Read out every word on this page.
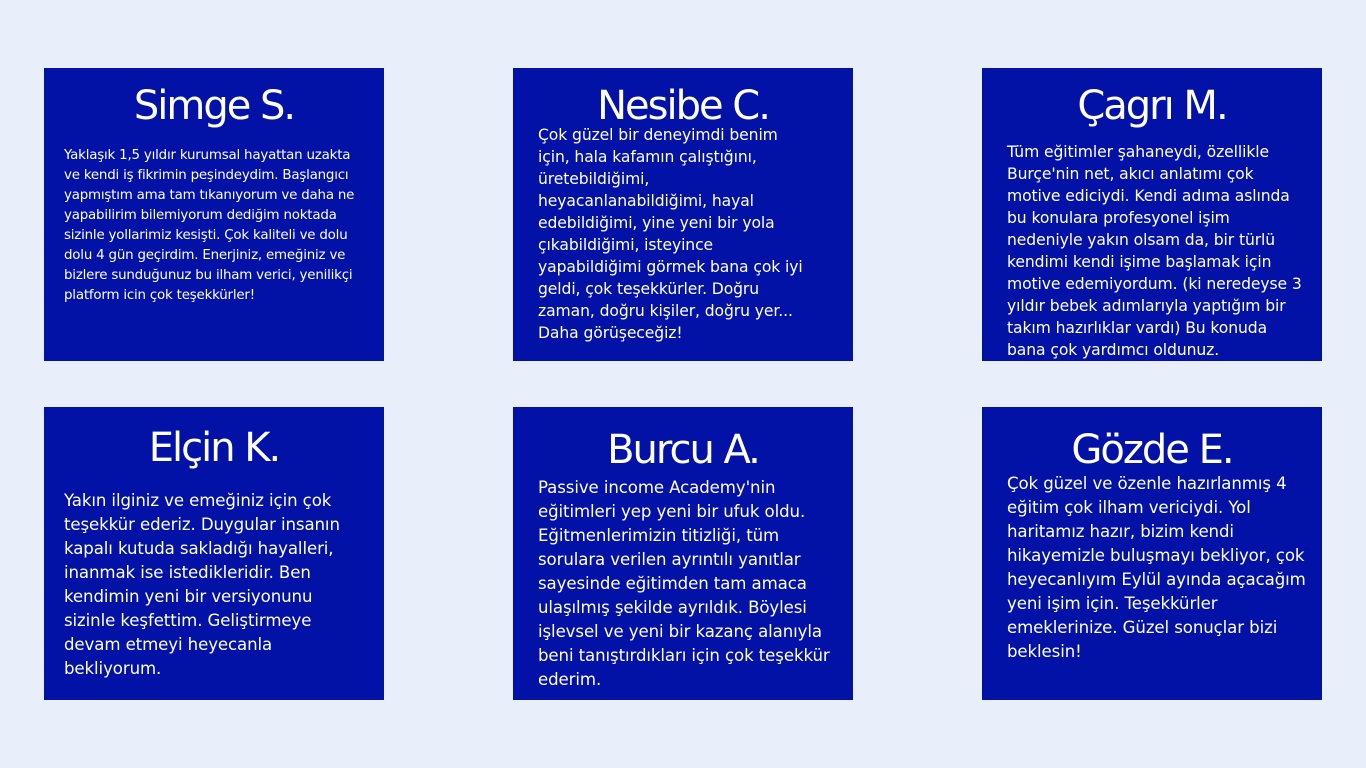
Simge S.

Yaklaşık 1,5 yıldır kurumsal hayattan uzakta ve kendi iş fikrimin peşindeydim. Başlangıcı yapmıştım ama tam tıkanıyorum ve daha ne yapabilirim bilemiyorum dediğim noktada sizinle yollarimiz kesişti. Çok kaliteli ve dolu dolu 4 gün geçirdim. Enerjiniz, emeğiniz ve bizlere sunduğunuz bu ilham verici, yenilikçi platform icin çok teşekkürler!

Nesibe C.

Çok güzel bir deneyimdi benim için, hala kafamın çalıştığını, üretebildiğimi, heyacanlanabildiğimi, hayal edebildiğimi, yine yeni bir yola çıkabildiğimi, isteyince yapabildiğimi görmek bana çok iyi geldi, çok teşekkürler. Doğru zaman, doğru kişiler, doğru yer... Daha görüşeceğiz!

Çagrı M.

Tüm eğitimler şahaneydi, özellikle Burçe'nin net, akıcı anlatımı çok motive ediciydi. Kendi adıma aslında bu konulara profesyonel işim nedeniyle yakın olsam da, bir türlü kendimi kendi işime başlamak için motive edemiyordum. (ki neredeyse 3 yıldır bebek adımlarıyla yaptığım bir takım hazırlıklar vardı) Bu konuda bana çok yardımcı oldunuz.

Elçin K.

Yakın ilginiz ve emeğiniz için çok teşekkür ederiz. Duygular insanın kapalı kutuda sakladığı hayalleri, inanmak ise istedikleridir. Ben kendimin yeni bir versiyonunu sizinle keşfettim. Geliştirmeye devam etmeyi heyecanla bekliyorum.

Burcu A.

Passive income Academy'nin eğitimleri yep yeni bir ufuk oldu. Eğitmenlerimizin titizliği, tüm sorulara verilen ayrıntılı yanıtlar sayesinde eğitimden tam amaca ulaşılmış şekilde ayrıldık. Böylesi işlevsel ve yeni bir kazanç alanıyla beni tanıştırdıkları için çok teşekkür ederim.

Gözde E.

Çok güzel ve özenle hazırlanmış 4 eğitim çok ilham vericiydi. Yol haritamız hazır, bizim kendi hikayemizle buluşmayı bekliyor, çok heyecanlıyım Eylül ayında açacağım yeni işim için. Teşekkürler emeklerinize. Güzel sonuçlar bizi beklesin!
